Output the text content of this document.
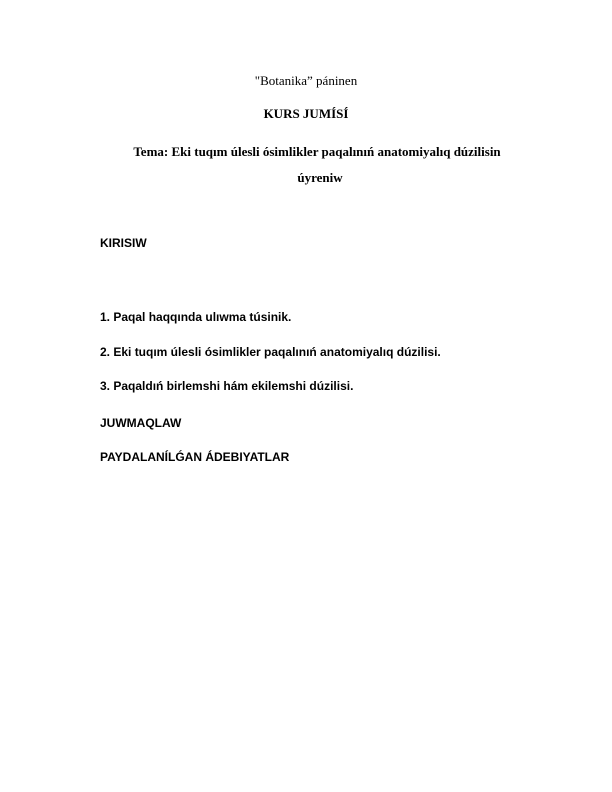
"Botanika” páninen
KURS JUMÍSÍ
Tema: Eki tuqım úlesli ósimlikler paqalınıń anatomiyalıq dúzilisin úyreniw
KIRISIW
1. Paqal haqqında ulıwma túsinik.
2. Eki tuqım úlesli ósimlikler paqalınıń anatomiyalıq dúzilisi.
3. Paqaldıń birlemshi hám ekilemshi dúzilisi.
JUWMAQLAW
PAYDALANÍLǴAN ÁDEBIYATLAR
